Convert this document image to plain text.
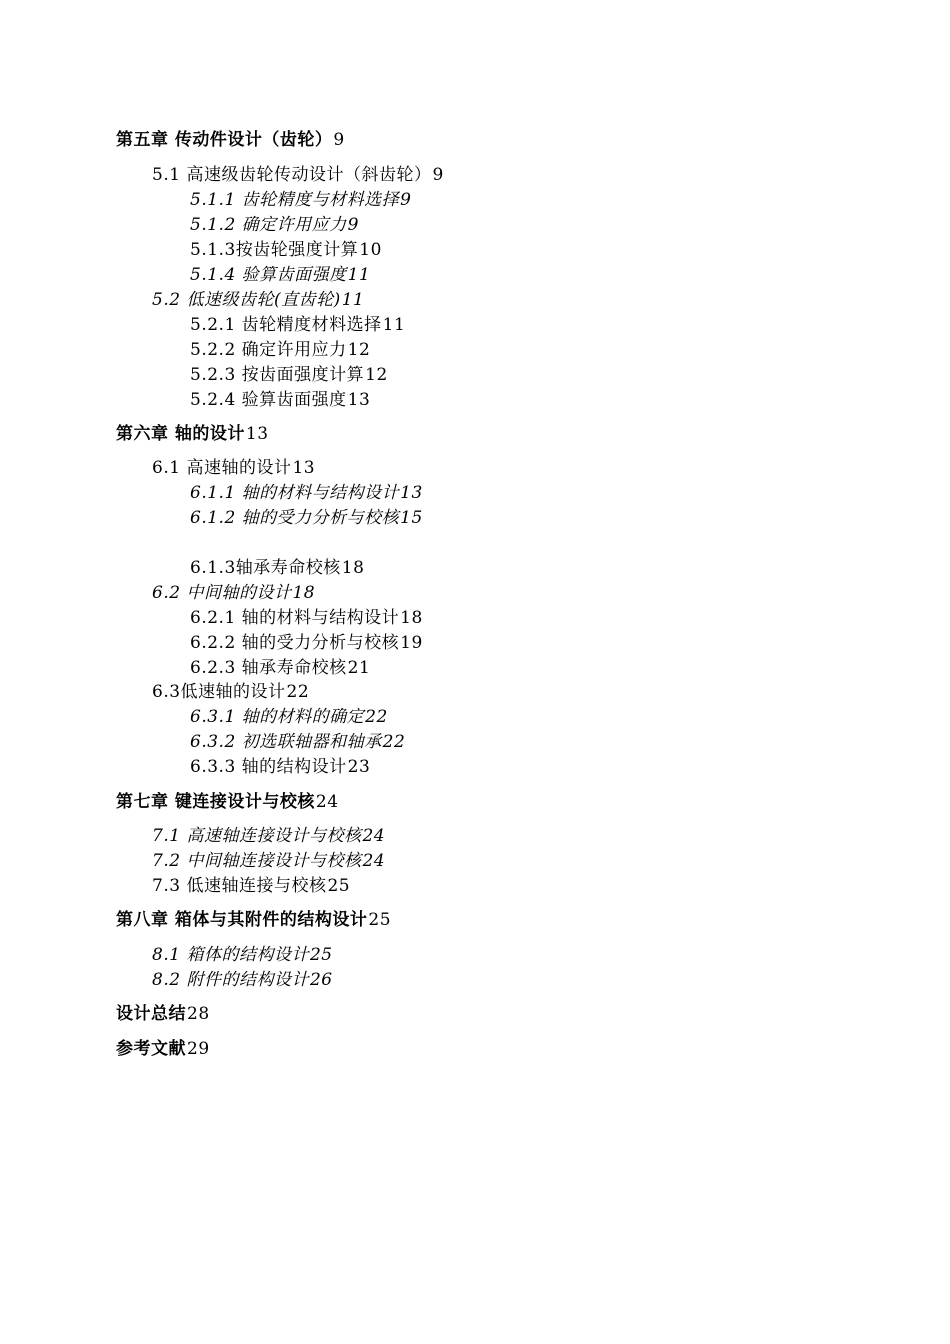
第五章 传动件设计（齿轮）9
5.1 高速级齿轮传动设计（斜齿轮）9
5.1.1 齿轮精度与材料选择9
5.1.2 确定许用应力9
5.1.3按齿轮强度计算10
5.1.4 验算齿面强度11
5.2 低速级齿轮(直齿轮)11
5.2.1 齿轮精度材料选择11
5.2.2 确定许用应力12
5.2.3 按齿面强度计算12
5.2.4 验算齿面强度13
第六章 轴的设计13
6.1 高速轴的设计13
6.1.1 轴的材料与结构设计13
6.1.2 轴的受力分析与校核15
6.1.3轴承寿命校核18
6.2 中间轴的设计18
6.2.1 轴的材料与结构设计18
6.2.2 轴的受力分析与校核19
6.2.3 轴承寿命校核21
6.3低速轴的设计22
6.3.1 轴的材料的确定22
6.3.2 初选联轴器和轴承22
6.3.3 轴的结构设计23
第七章 键连接设计与校核24
7.1 高速轴连接设计与校核24
7.2 中间轴连接设计与校核24
7.3 低速轴连接与校核25
第八章 箱体与其附件的结构设计25
8.1 箱体的结构设计25
8.2 附件的结构设计26
设计总结28
参考文献29
